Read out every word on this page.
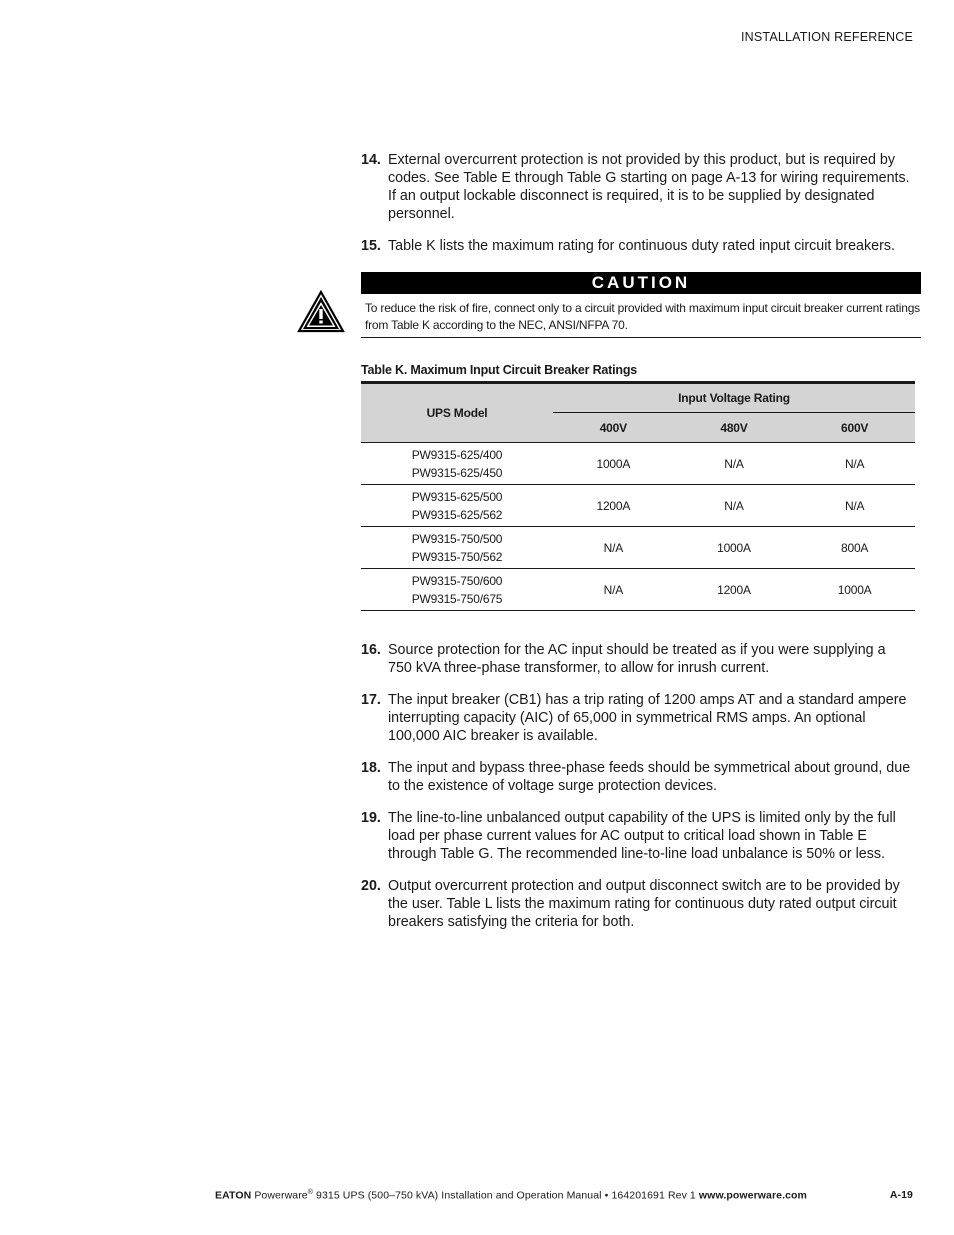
INSTALLATION REFERENCE
14. External overcurrent protection is not provided by this product, but is required by codes. See Table E through Table G starting on page A-13 for wiring requirements. If an output lockable disconnect is required, it is to be supplied by designated personnel.
15. Table K lists the maximum rating for continuous duty rated input circuit breakers.
CAUTION
To reduce the risk of fire, connect only to a circuit provided with maximum input circuit breaker current ratings from Table K according to the NEC, ANSI/NFPA 70.
Table K. Maximum Input Circuit Breaker Ratings
UPS Model	Input Voltage Rating		
	400V	480V	600V
PW9315-625/400
PW9315-625/450	1000A	N/A	N/A
PW9315-625/500
PW9315-625/562	1200A	N/A	N/A
PW9315-750/500
PW9315-750/562	N/A	1000A	800A
PW9315-750/600
PW9315-750/675	N/A	1200A	1000A
16. Source protection for the AC input should be treated as if you were supplying a 750 kVA three-phase transformer, to allow for inrush current.
17. The input breaker (CB1) has a trip rating of 1200 amps AT and a standard ampere interrupting capacity (AIC) of 65,000 in symmetrical RMS amps. An optional 100,000 AIC breaker is available.
18. The input and bypass three-phase feeds should be symmetrical about ground, due to the existence of voltage surge protection devices.
19. The line-to-line unbalanced output capability of the UPS is limited only by the full load per phase current values for AC output to critical load shown in Table E through Table G. The recommended line-to-line load unbalance is 50% or less.
20. Output overcurrent protection and output disconnect switch are to be provided by the user. Table L lists the maximum rating for continuous duty rated output circuit breakers satisfying the criteria for both.
EATON Powerware® 9315 UPS (500–750 kVA) Installation and Operation Manual • 164201691 Rev 1 www.powerware.com	A-19
